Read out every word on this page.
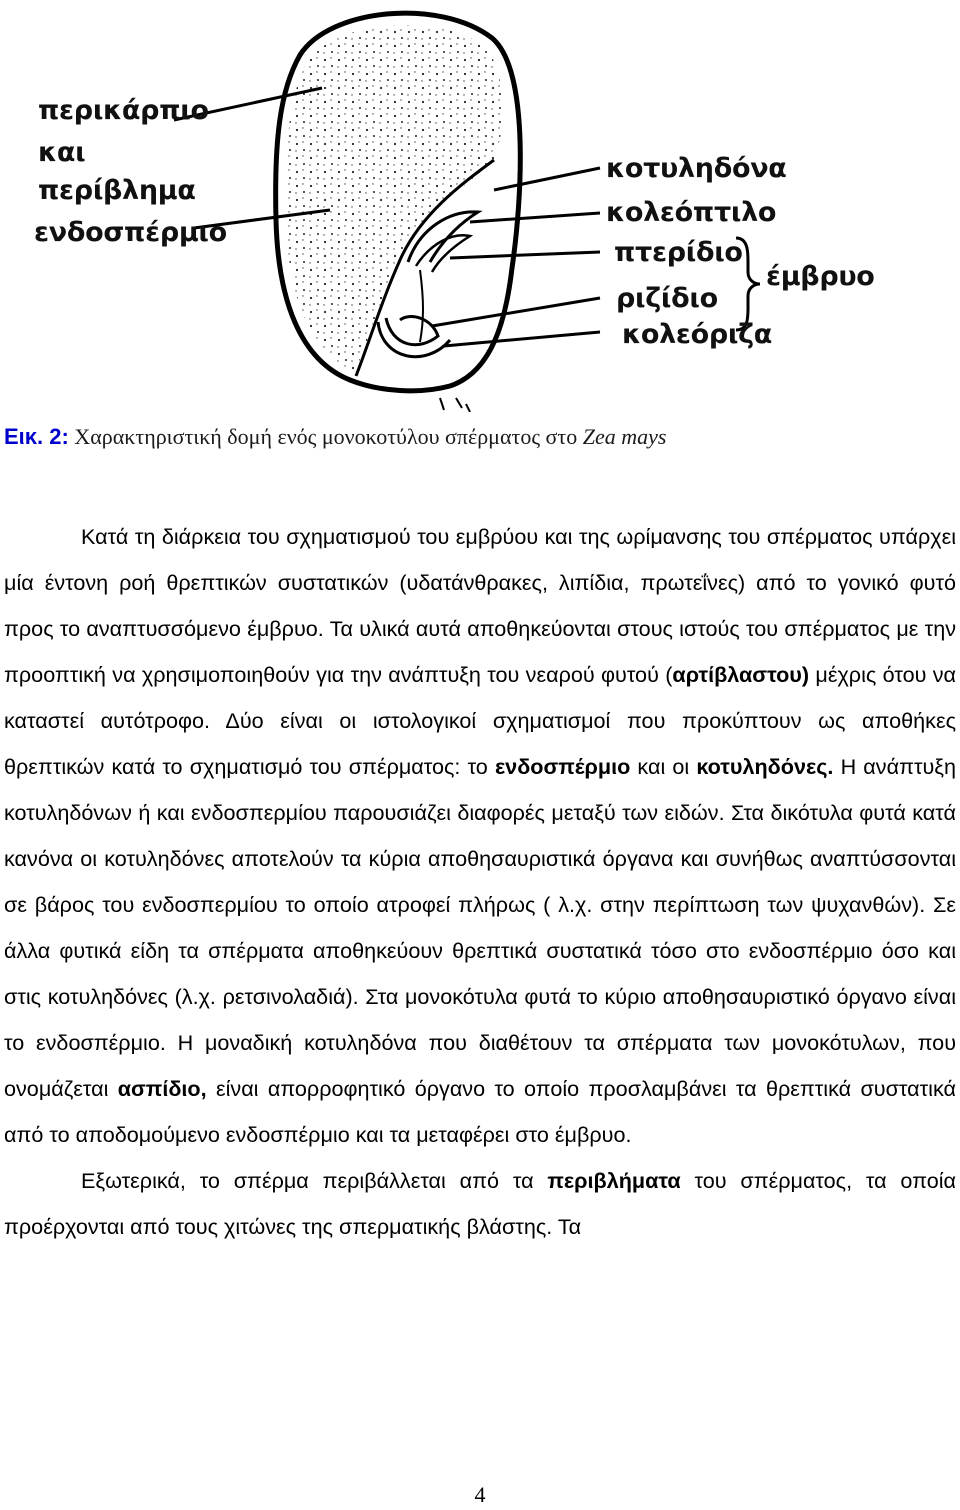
περικάρπιο
και
περίβλημα
ενδοσπέρμιο
κοτυληδόνα
κολεόπτιλο
πτερίδιο
ριζίδιο
κολεόριζα
έμβρυο
Εικ. 2: Χαρακτηριστική δομή ενός μονοκοτύλου σπέρματος στο Zea mays

Κατά τη διάρκεια του σχηματισμού του εμβρύου και της ωρίμανσης του σπέρματος υπάρχει μία έντονη ροή θρεπτικών συστατικών (υδατάνθρακες, λιπίδια, πρωτεΐνες) από το γονικό φυτό προς το αναπτυσσόμενο έμβρυο. Τα υλικά αυτά αποθηκεύονται στους ιστούς του σπέρματος με την προοπτική να χρησιμοποιηθούν για την ανάπτυξη του νεαρού φυτού (αρτίβλαστου) μέχρις ότου να καταστεί αυτότροφο. Δύο είναι οι ιστολογικοί σχηματισμοί που προκύπτουν ως αποθήκες θρεπτικών κατά το σχηματισμό του σπέρματος: το ενδοσπέρμιο και οι κοτυληδόνες. Η ανάπτυξη κοτυληδόνων ή και ενδοσπερμίου παρουσιάζει διαφορές μεταξύ των ειδών. Στα δικότυλα φυτά κατά κανόνα οι κοτυληδόνες αποτελούν τα κύρια αποθησαυριστικά όργανα και συνήθως αναπτύσσονται σε βάρος του ενδοσπερμίου το οποίο ατροφεί πλήρως ( λ.χ. στην περίπτωση των ψυχανθών). Σε άλλα φυτικά είδη τα σπέρματα αποθηκεύουν θρεπτικά συστατικά τόσο στο ενδοσπέρμιο όσο και στις κοτυληδόνες (λ.χ. ρετσινολαδιά). Στα μονοκότυλα φυτά το κύριο αποθησαυριστικό όργανο είναι το ενδοσπέρμιο. Η μοναδική κοτυληδόνα που διαθέτουν τα σπέρματα των μονοκότυλων, που ονομάζεται ασπίδιο, είναι απορροφητικό όργανο το οποίο προσλαμβάνει τα θρεπτικά συστατικά από το αποδομούμενο ενδοσπέρμιο και τα μεταφέρει στο έμβρυο.

Εξωτερικά, το σπέρμα περιβάλλεται από τα περιβλήματα του σπέρματος, τα οποία προέρχονται από τους χιτώνες της σπερματικής βλάστης. Τα

4
